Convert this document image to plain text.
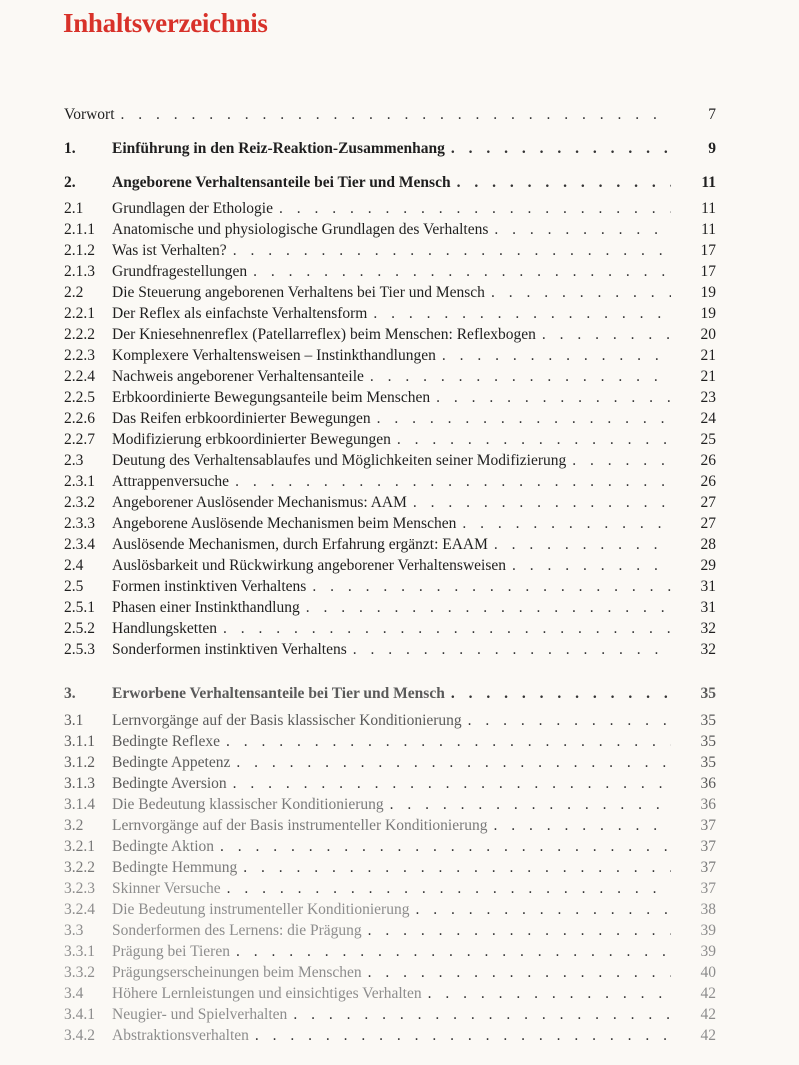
Inhaltsverzeichnis
Vorwort . . .	7
1. Einführung in den Reiz-Reaktion-Zusammenhang . . .	9
2. Angeborene Verhaltensanteile bei Tier und Mensch . . .	11
2.1 Grundlagen der Ethologie . . .	11
2.1.1 Anatomische und physiologische Grundlagen des Verhaltens . . .	11
2.1.2 Was ist Verhalten? . . .	17
2.1.3 Grundfragestellungen . . .	17
2.2 Die Steuerung angeborenen Verhaltens bei Tier und Mensch . . .	19
2.2.1 Der Reflex als einfachste Verhaltensform . . .	19
2.2.2 Der Kniesehnenreflex (Patellarreflex) beim Menschen: Reflexbogen . . .	20
2.2.3 Komplexere Verhaltensweisen – Instinkthandlungen . . .	21
2.2.4 Nachweis angeborener Verhaltensanteile . . .	21
2.2.5 Erbkoordinierte Bewegungsanteile beim Menschen . . .	23
2.2.6 Das Reifen erbkoordinierter Bewegungen . . .	24
2.2.7 Modifizierung erbkoordinierter Bewegungen . . .	25
2.3 Deutung des Verhaltensablaufes und Möglichkeiten seiner Modifizierung . . .	26
2.3.1 Attrappenversuche . . .	26
2.3.2 Angeborener Auslösender Mechanismus: AAM . . .	27
2.3.3 Angeborene Auslösende Mechanismen beim Menschen . . .	27
2.3.4 Auslösende Mechanismen, durch Erfahrung ergänzt: EAAM . . .	28
2.4 Auslösbarkeit und Rückwirkung angeborener Verhaltensweisen . . .	29
2.5 Formen instinktiven Verhaltens . . .	31
2.5.1 Phasen einer Instinkthandlung . . .	31
2.5.2 Handlungsketten . . .	32
2.5.3 Sonderformen instinktiven Verhaltens . . .	32
3. Erworbene Verhaltensanteile bei Tier und Mensch . . .	35
3.1 Lernvorgänge auf der Basis klassischer Konditionierung . . .	35
3.1.1 Bedingte Reflexe . . .	35
3.1.2 Bedingte Appetenz . . .	35
3.1.3 Bedingte Aversion . . .	36
3.1.4 Die Bedeutung klassischer Konditionierung . . .	36
3.2 Lernvorgänge auf der Basis instrumenteller Konditionierung . . .	37
3.2.1 Bedingte Aktion . . .	37
3.2.2 Bedingte Hemmung . . .	37
3.2.3 Skinner Versuche . . .	37
3.2.4 Die Bedeutung instrumenteller Konditionierung . . .	38
3.3 Sonderformen des Lernens: die Prägung . . .	39
3.3.1 Prägung bei Tieren . . .	39
3.3.2 Prägungserscheinungen beim Menschen . . .	40
3.4 Höhere Lernleistungen und einsichtiges Verhalten . . .	42
3.4.1 Neugier- und Spielverhalten . . .	42
3.4.2 Abstraktionsverhalten . . .	42
